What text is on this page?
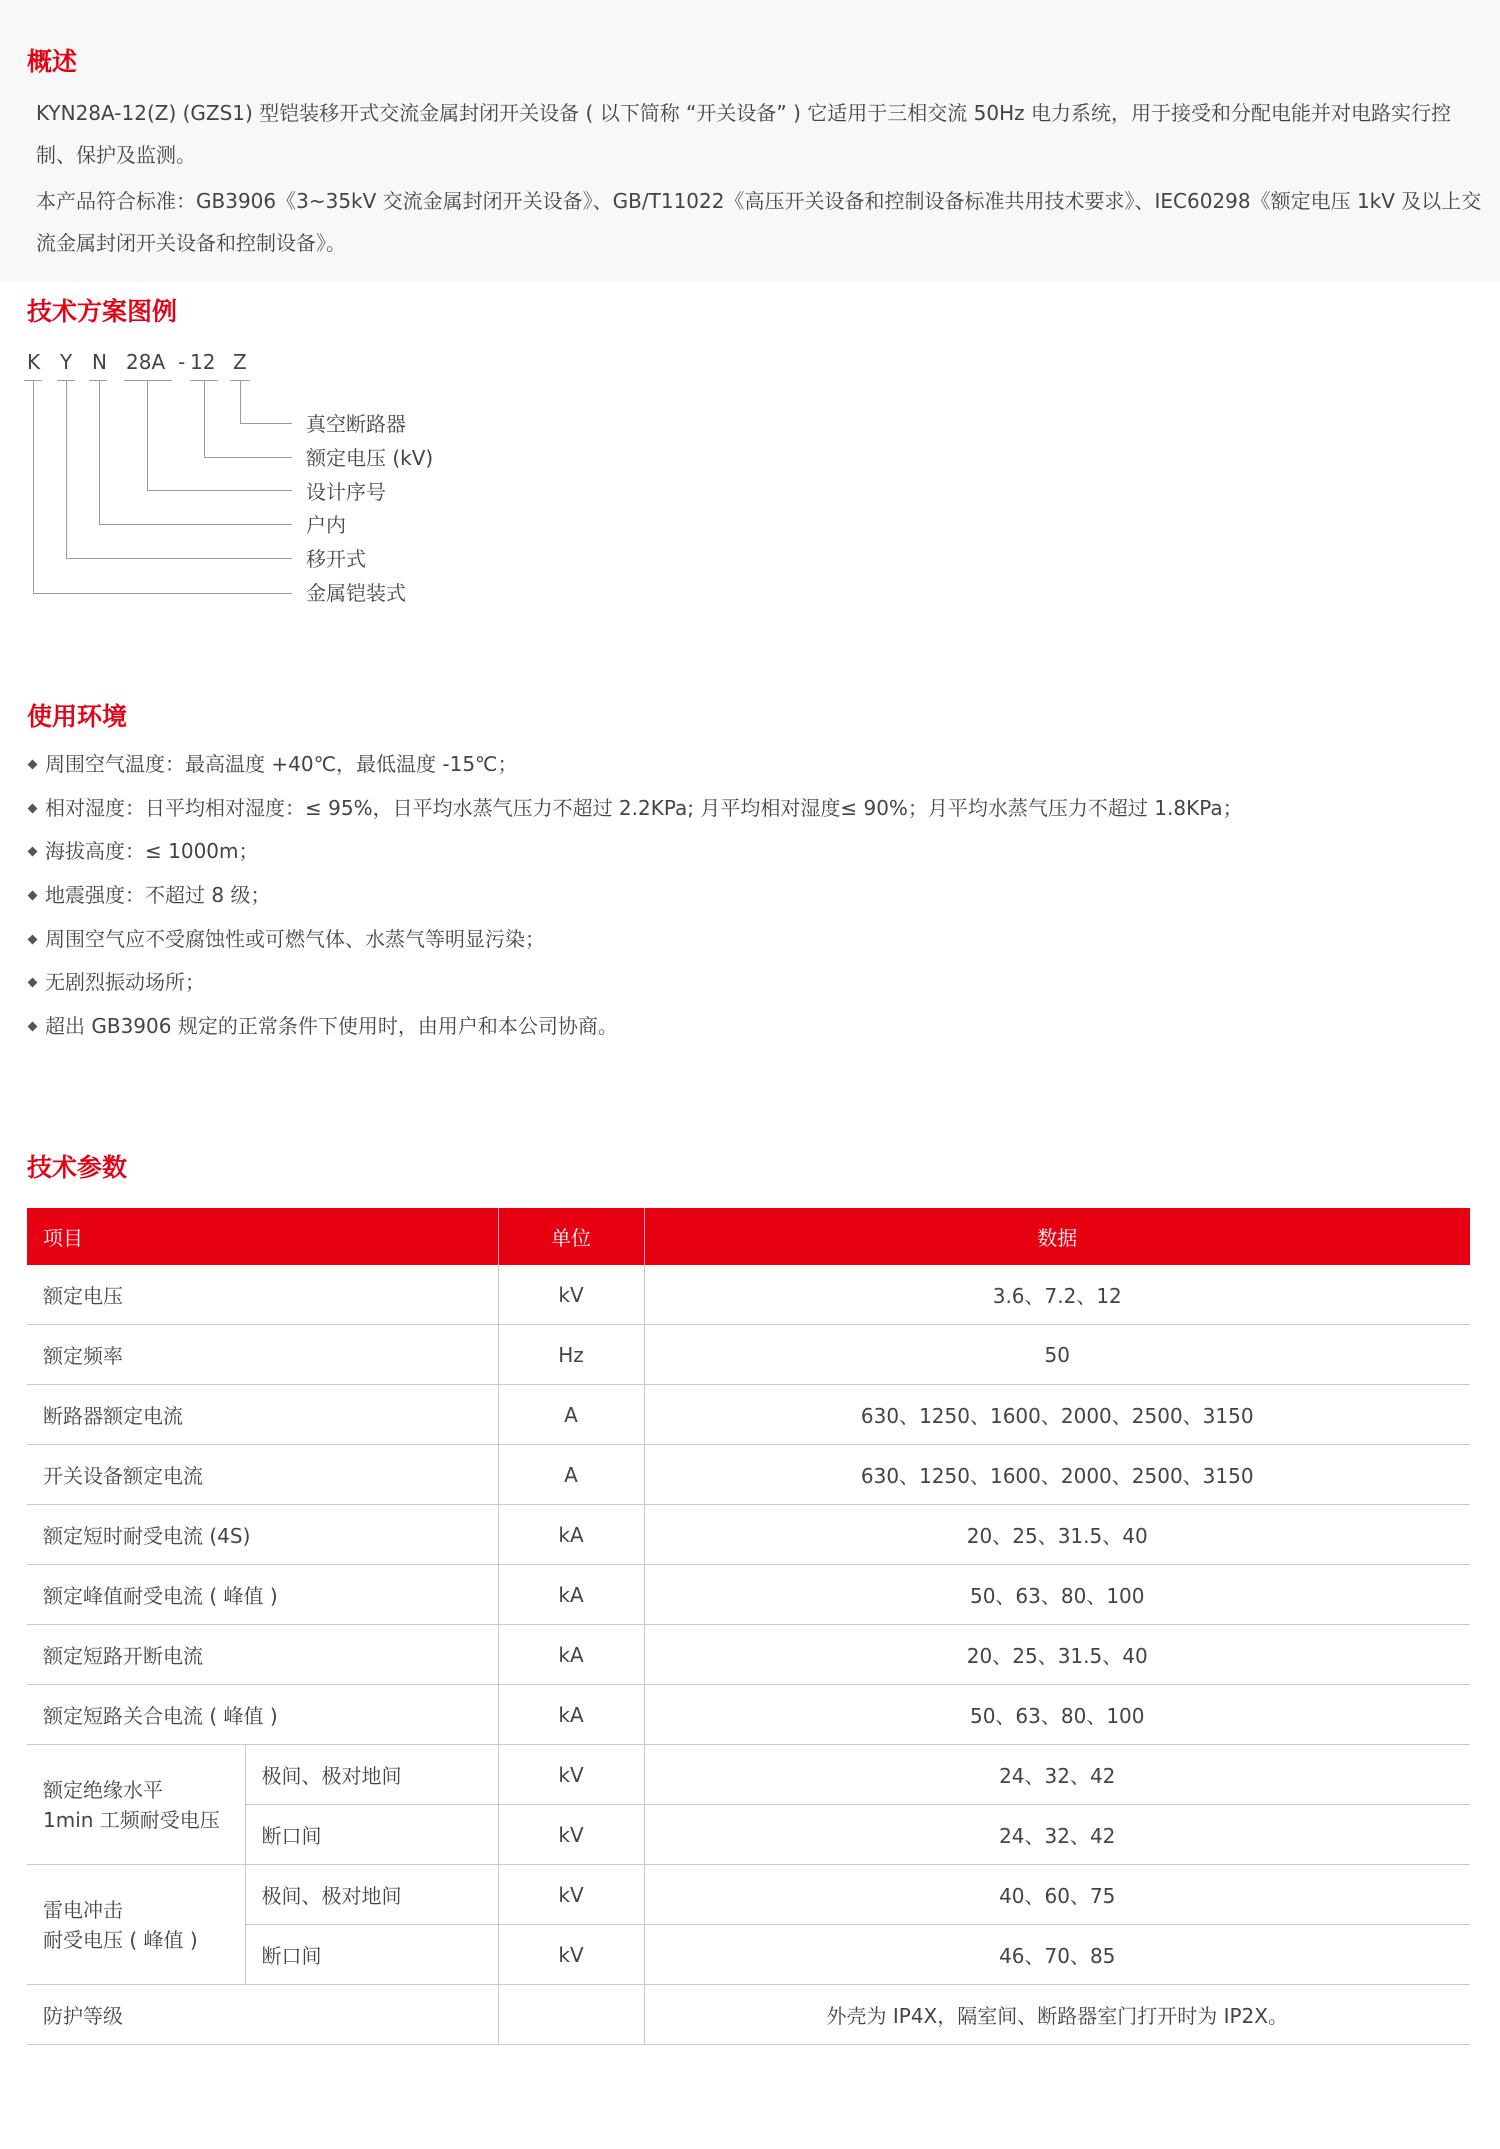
概述

KYN28A-12(Z) (GZS1) 型铠装移开式交流金属封闭开关设备 ( 以下简称 “开关设备” ) 它适用于三相交流 50Hz 电力系统，用于接受和分配电能并对电路实行控制、保护及监测。

本产品符合标准：GB3906《3~35kV 交流金属封闭开关设备》、GB/T11022《高压开关设备和控制设备标准共用技术要求》、IEC60298《额定电压 1kV 及以上交流金属封闭开关设备和控制设备》。

技术方案图例
K Y N 28A - 12 Z
真空断路器
额定电压 (kV)
设计序号
户内
移开式
金属铠装式
使用环境
周围空气温度：最高温度 +40℃，最低温度 -15℃；
相对湿度：日平均相对湿度：≤ 95%，日平均水蒸气压力不超过 2.2KPa; 月平均相对湿度≤ 90%；月平均水蒸气压力不超过 1.8KPa；
海拔高度：≤ 1000m；
地震强度：不超过 8 级；
周围空气应不受腐蚀性或可燃气体、水蒸气等明显污染；
无剧烈振动场所；
超出 GB3906 规定的正常条件下使用时，由用户和本公司协商。
技术参数
项目		单位	数据
额定电压		kV	3.6、7.2、12
额定频率		Hz	50
断路器额定电流		A	630、1250、1600、2000、2500、3150
开关设备额定电流		A	630、1250、1600、2000、2500、3150
额定短时耐受电流 (4S)		kA	20、25、31.5、40
额定峰值耐受电流 ( 峰值 )		kA	50、63、80、100
额定短路开断电流		kA	20、25、31.5、40
额定短路关合电流 ( 峰值 )		kA	50、63、80、100

额定绝缘水平
1min 工频耐受电压	极间、极对地间	kV	24、32、42
	断口间	kV	24、32、42

雷电冲击
耐受电压 ( 峰值 )	极间、极对地间	kV	40、60、75
	断口间	kV	46、70、85
防护等级			外壳为 IP4X，隔室间、断路器室门打开时为 IP2X。
